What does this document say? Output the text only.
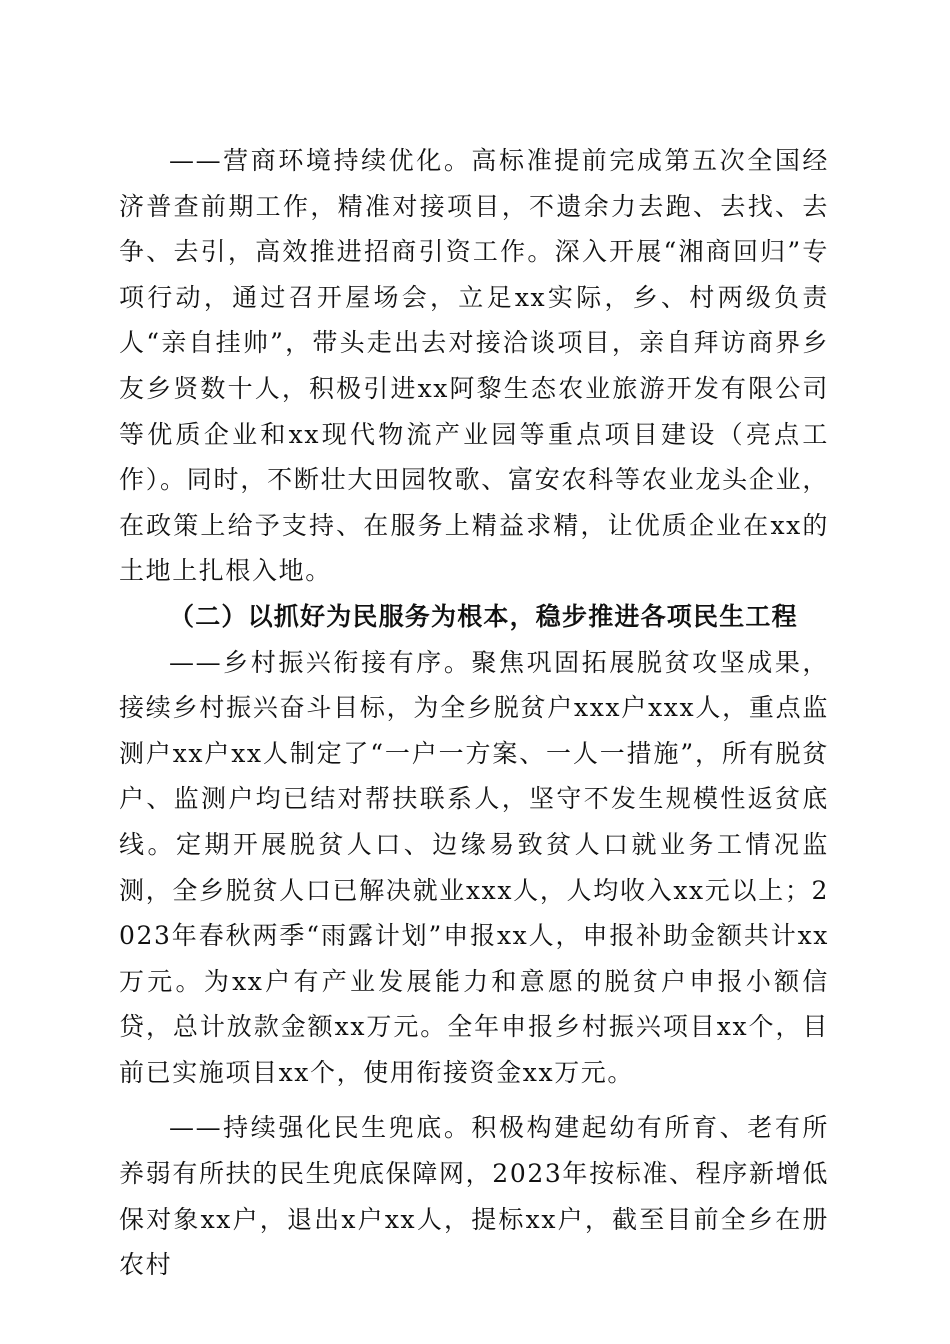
——营商环境持续优化。高标准提前完成第五次全国经济普查前期工作，精准对接项目，不遗余力去跑、去找、去争、去引，高效推进招商引资工作。深入开展“湘商回归”专项行动，通过召开屋场会，立足xx实际，乡、村两级负责人“亲自挂帅”，带头走出去对接洽谈项目，亲自拜访商界乡友乡贤数十人，积极引进xx阿黎生态农业旅游开发有限公司等优质企业和xx现代物流产业园等重点项目建设（亮点工作）。同时，不断壮大田园牧歌、富安农科等农业龙头企业，在政策上给予支持、在服务上精益求精，让优质企业在xx的土地上扎根入地。

（二）以抓好为民服务为根本，稳步推进各项民生工程

——乡村振兴衔接有序。聚焦巩固拓展脱贫攻坚成果，接续乡村振兴奋斗目标，为全乡脱贫户xxx户xxx人，重点监测户xx户xx人制定了“一户一方案、一人一措施”，所有脱贫户、监测户均已结对帮扶联系人，坚守不发生规模性返贫底线。定期开展脱贫人口、边缘易致贫人口就业务工情况监测，全乡脱贫人口已解决就业xxx人，人均收入xx元以上；2023年春秋两季“雨露计划”申报xx人，申报补助金额共计xx万元。为xx户有产业发展能力和意愿的脱贫户申报小额信贷，总计放款金额xx万元。全年申报乡村振兴项目xx个，目前已实施项目xx个，使用衔接资金xx万元。

——持续强化民生兜底。积极构建起幼有所育、老有所养弱有所扶的民生兜底保障网，2023年按标准、程序新增低保对象xx户，退出x户xx人，提标xx户，截至目前全乡在册农村
